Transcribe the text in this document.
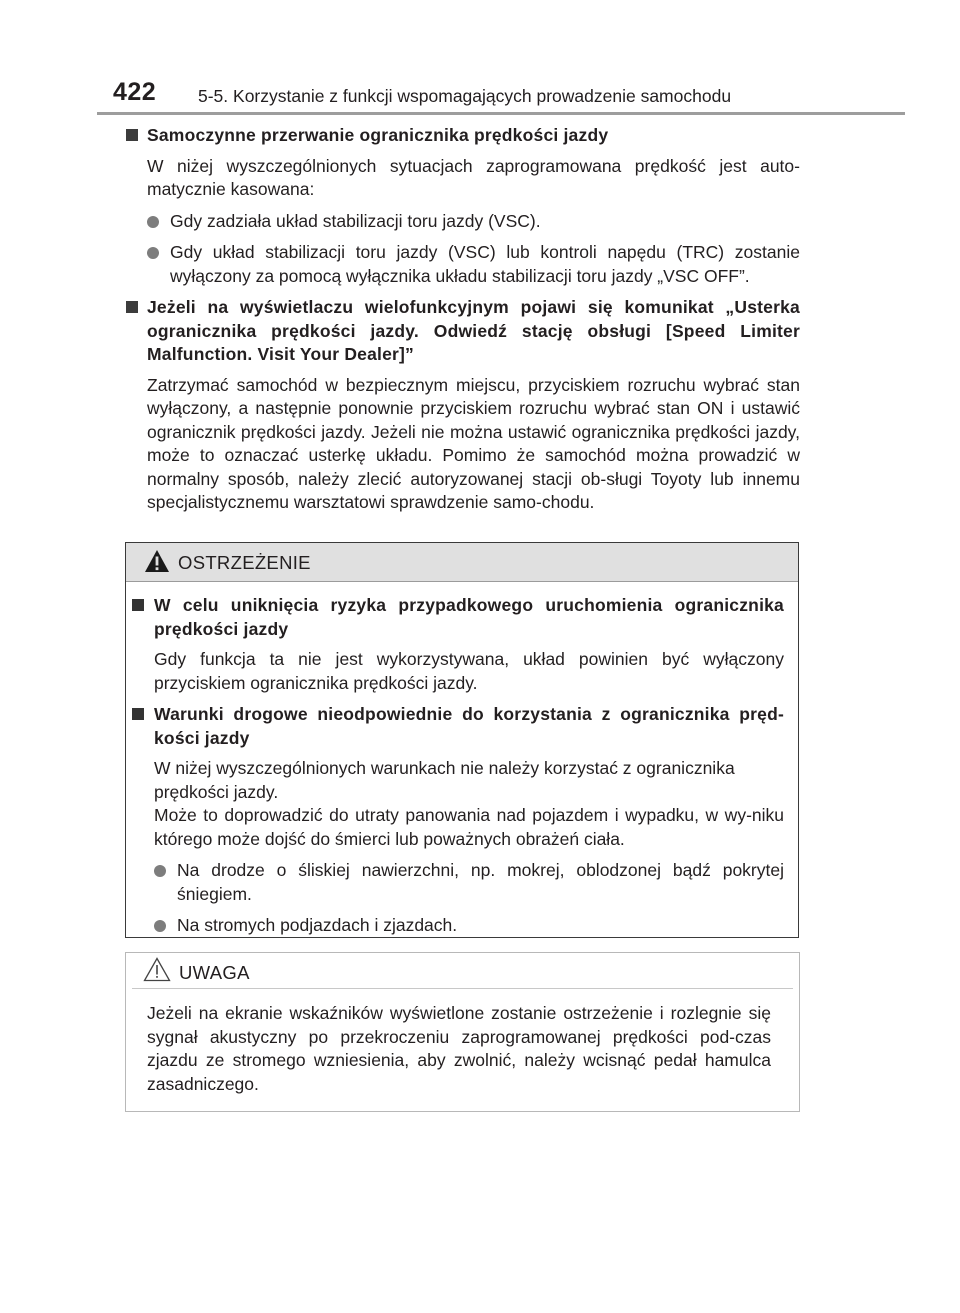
422 5-5. Korzystanie z funkcji wspomagających prowadzenie samochodu
Samoczynne przerwanie ogranicznika prędkości jazdy
W niżej wyszczególnionych sytuacjach zaprogramowana prędkość jest auto-matycznie kasowana:
Gdy zadziała układ stabilizacji toru jazdy (VSC).
Gdy układ stabilizacji toru jazdy (VSC) lub kontroli napędu (TRC) zostanie wyłączony za pomocą wyłącznika układu stabilizacji toru jazdy „VSC OFF”.
Jeżeli na wyświetlaczu wielofunkcyjnym pojawi się komunikat „Usterka ogranicznika prędkości jazdy. Odwiedź stację obsługi [Speed Limiter Malfunction. Visit Your Dealer]”
Zatrzymać samochód w bezpiecznym miejscu, przyciskiem rozruchu wybrać stan wyłączony, a następnie ponownie przyciskiem rozruchu wybrać stan ON i ustawić ogranicznik prędkości jazdy. Jeżeli nie można ustawić ogranicznika prędkości jazdy, może to oznaczać usterkę układu. Pomimo że samochód można prowadzić w normalny sposób, należy zlecić autoryzowanej stacji ob-sługi Toyoty lub innemu specjalistycznemu warsztatowi sprawdzenie samo-chodu.
OSTRZEŻENIE
W celu uniknięcia ryzyka przypadkowego uruchomienia ogranicznika prędkości jazdy
Gdy funkcja ta nie jest wykorzystywana, układ powinien być wyłączony przyciskiem ogranicznika prędkości jazdy.
Warunki drogowe nieodpowiednie do korzystania z ogranicznika pręd-kości jazdy
W niżej wyszczególnionych warunkach nie należy korzystać z ogranicznika prędkości jazdy.
Może to doprowadzić do utraty panowania nad pojazdem i wypadku, w wy-niku którego może dojść do śmierci lub poważnych obrażeń ciała.
Na drodze o śliskiej nawierzchni, np. mokrej, oblodzonej bądź pokrytej śniegiem.
Na stromych podjazdach i zjazdach.
UWAGA
Jeżeli na ekranie wskaźników wyświetlone zostanie ostrzeżenie i rozlegnie się sygnał akustyczny po przekroczeniu zaprogramowanej prędkości pod-czas zjazdu ze stromego wzniesienia, aby zwolnić, należy wcisnąć pedał hamulca zasadniczego.
